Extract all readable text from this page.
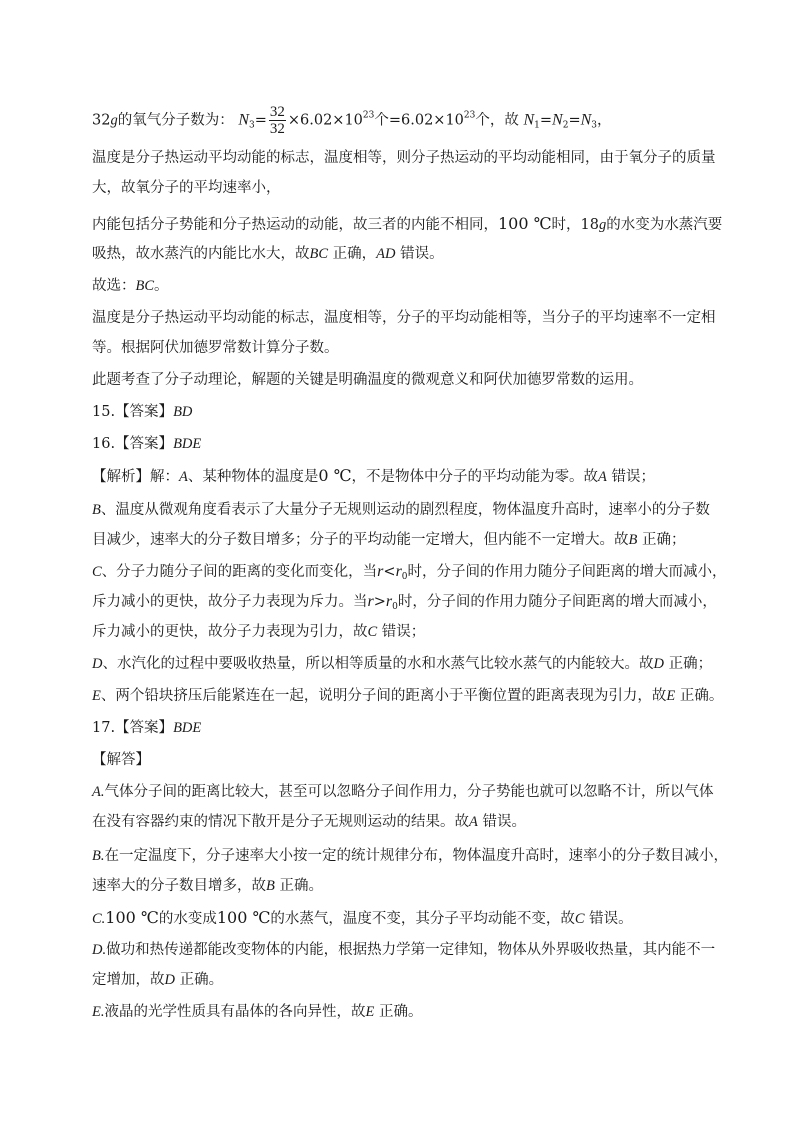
32g的氧气分子数为： $N_3= \frac{32}{32} \times 6.02\times 10^{23}$个$=6.02\times 10^{23}$个，故 $N_1=N_2=N_3$，
温度是分子热运动平均动能的标志，温度相等，则分子热运动的平均动能相同，由于氧分子的质量
大，故氧分子的平均速率小，
内能包括分子势能和分子热运动的动能，故三者的内能不相同，100 ℃时，18g的水变为水蒸汽要
吸热，故水蒸汽的内能比水大，故BC 正确，AD 错误。
故选：BC。
温度是分子热运动平均动能的标志，温度相等，分子的平均动能相等，当分子的平均速率不一定相
等。根据阿伏加德罗常数计算分子数。
此题考查了分子动理论，解题的关键是明确温度的微观意义和阿伏加德罗常数的运用。
15.【答案】BD
16.【答案】BDE
【解析】解：A、某种物体的温度是0 ℃，不是物体中分子的平均动能为零。故A 错误；
B、温度从微观角度看表示了大量分子无规则运动的剧烈程度，物体温度升高时，速率小的分子数
目减少，速率大的分子数目增多；分子的平均动能一定增大，但内能不一定增大。故B 正确；
C、分子力随分子间的距离的变化而变化，当$r<r_0$时，分子间的作用力随分子间距离的增大而减小，
斥力减小的更快，故分子力表现为斥力。当$r>r_0$时，分子间的作用力随分子间距离的增大而减小，
斥力减小的更快，故分子力表现为引力，故C 错误；
D、水汽化的过程中要吸收热量，所以相等质量的水和水蒸气比较水蒸气的内能较大。故D 正确；
E、两个铅块挤压后能紧连在一起，说明分子间的距离小于平衡位置的距离表现为引力，故E 正确。
17.【答案】BDE
【解答】
A.气体分子间的距离比较大，甚至可以忽略分子间作用力，分子势能也就可以忽略不计，所以气体
在没有容器约束的情况下散开是分子无规则运动的结果。故A 错误。
B.在一定温度下，分子速率大小按一定的统计规律分布，物体温度升高时，速率小的分子数目减小，
速率大的分子数目增多，故B 正确。
C.100 ℃的水变成100 ℃的水蒸气，温度不变，其分子平均动能不变，故C 错误。
D.做功和热传递都能改变物体的内能，根据热力学第一定律知，物体从外界吸收热量，其内能不一
定增加，故D 正确。
E.液晶的光学性质具有晶体的各向异性，故E 正确。
